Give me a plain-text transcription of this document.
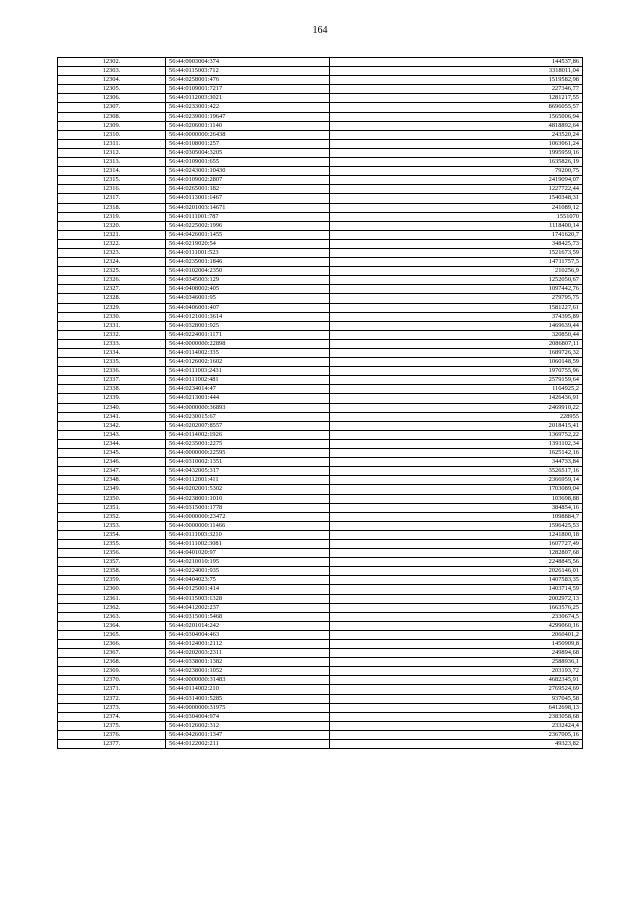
164
12302.	56:44:0903004:374	144537,86
12303.	56:44:0115003:712	3318011,04
12304.	56:44:0258001:476	1519582,98
12305.	56:44:0109001:7217	227346,77
12306.	56:44:0112003:3021	1281217,55
12307.	56:44:0233001:422	8696055,57
12308.	56:44:0239001:19647	1565006,94
12309.	56:44:0206001:1140	4818892,64
12310.	56:44:0000000:26438	243520,24
12311.	56:44:0108001:257	1063061,24
12312.	56:44:0305004:3205	1995959,16
12313.	56:44:0109001:655	1635826,19
12314.	56:44:0243001:10430	79200,75
12315.	56:44:0109002:2807	2419094,07
12316.	56:44:0265001:182	1227722,44
12317.	56:44:0113001:1467	1540348,31
12318.	56:44:0201003:14671	241089,12
12319.	56:44:0111001:787	1551070
12320.	56:44:0225002:1996	1118400,14
12321.	56:44:0426001:1455	1741620,7
12322.	56:44:0219020:54	348425,73
12323.	56:44:0111001:523	1521673,59
12324.	56:44:0235001:1846	14711757,5
12325.	56:44:0102004:2350	210256,9
12326.	56:44:0345003:129	1252050,67
12327.	56:44:0408002:405	1097442,76
12328.	56:44:0346001:95	279795,75
12329.	56:44:0406001:407	1581227,61
12330.	56:44:0121001:3614	374395,89
12331.	56:44:0328001:925	1469639,44
12332.	56:44:0224001:1171	320850,44
12333.	56:44:0000000:22898	2086807,11
12334.	56:44:0114002:335	1689726,32
12335.	56:44:0126002:1602	1060148,59
12336.	56:44:0111003:2431	1970755,96
12337.	56:44:0111002:481	2579159,64
12338.	56:44:0234014:47	1164925,2
12339.	56:44:0213001:444	1426436,91
12340.	56:44:0000000:36893	2469910,22
12341.	56:44:0230015:67	228955
12342.	56:44:0202007:8557	2018415,41
12343.	56:44:0114002:1926	1369752,22
12344.	56:44:0235001:2275	1391102,34
12345.	56:44:0000000:22595	1625142,16
12346.	56:44:0310002:1351	344733,84
12347.	56:44:0432005:317	3526517,16
12348.	56:44:0112001:411	2366959,14
12349.	56:44:0202001:5302	1703089,04
12350.	56:44:0238001:1010	103698,88
12351.	56:44:0315001:1778	384854,16
12352.	56:44:0000000:23472	1098884,7
12353.	56:44:0000000:11466	1596425,53
12354.	56:44:0111003:3210	1241800,18
12355.	56:44:0111002:3081	1607727,49
12356.	56:44:0401020:97	1282807,68
12357.	56:44:0210010:195	2248845,56
12358.	56:44:0224001:935	2026146,01
12359.	56:44:0404023:75	1407583,35
12360.	56:44:0125001:414	1403714,59
12361.	56:44:0115003:1328	2002972,13
12362.	56:44:0412002:237	1663576,25
12363.	56:44:0315001:5468	2330674,5
12364.	56:44:0201014:242	4299060,16
12365.	56:44:0304004:463	2060401,2
12366.	56:44:0124001:2112	1450909,8
12367.	56:44:0202003:2311	249894,68
12368.	56:44:0338001:1382	2588936,1
12369.	56:44:0238001:1052	203193,72
12370.	56:44:0000000:31483	4682345,91
12371.	56:44:0114002:210	2769524,69
12372.	56:44:0314001:5285	937045,58
12373.	56:44:0000000:31975	6412698,13
12374.	56:44:0304004:974	2383058,68
12375.	56:44:0126002:312	2332424,4
12376.	56:44:0426001:1347	2367005,16
12377.	56:44:0122002:211	49323,82
